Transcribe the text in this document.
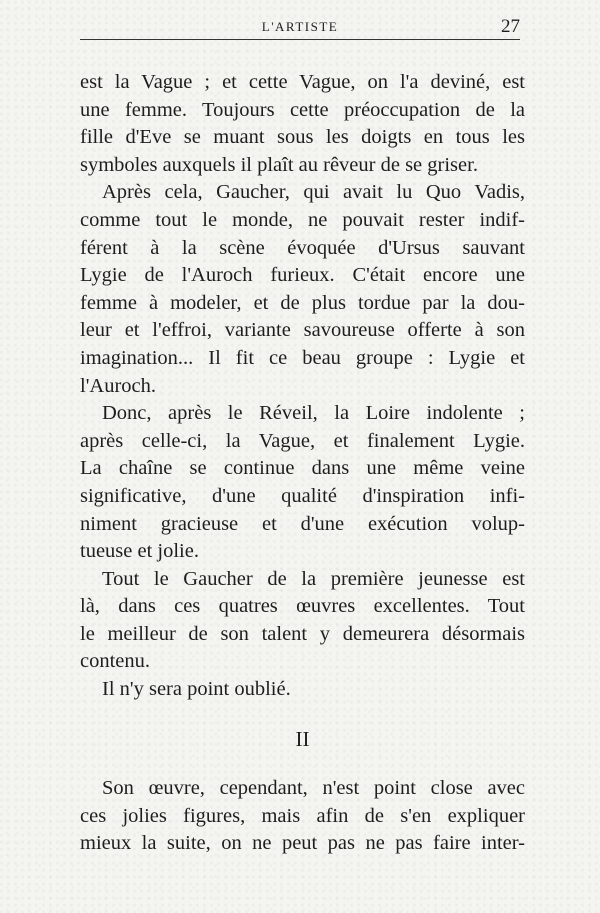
L'ARTISTE	27
est la Vague ; et cette Vague, on l'a deviné, est
une femme. Toujours cette préoccupation de la
fille d'Eve se muant sous les doigts en tous les
symboles auxquels il plaît au rêveur de se griser.
Après cela, Gaucher, qui avait lu Quo Vadis,
comme tout le monde, ne pouvait rester indif-
férent à la scène évoquée d'Ursus sauvant
Lygie de l'Auroch furieux. C'était encore une
femme à modeler, et de plus tordue par la dou-
leur et l'effroi, variante savoureuse offerte à son
imagination... Il fit ce beau groupe : Lygie et
l'Auroch.
Donc, après le Réveil, la Loire indolente ;
après celle-ci, la Vague, et finalement Lygie.
La chaîne se continue dans une même veine
significative, d'une qualité d'inspiration infi-
niment gracieuse et d'une exécution volup-
tueuse et jolie.
Tout le Gaucher de la première jeunesse est
là, dans ces quatres œuvres excellentes. Tout
le meilleur de son talent y demeurera désormais
contenu.
Il n'y sera point oublié.
II
Son œuvre, cependant, n'est point close avec
ces jolies figures, mais afin de s'en expliquer
mieux la suite, on ne peut pas ne pas faire inter-
